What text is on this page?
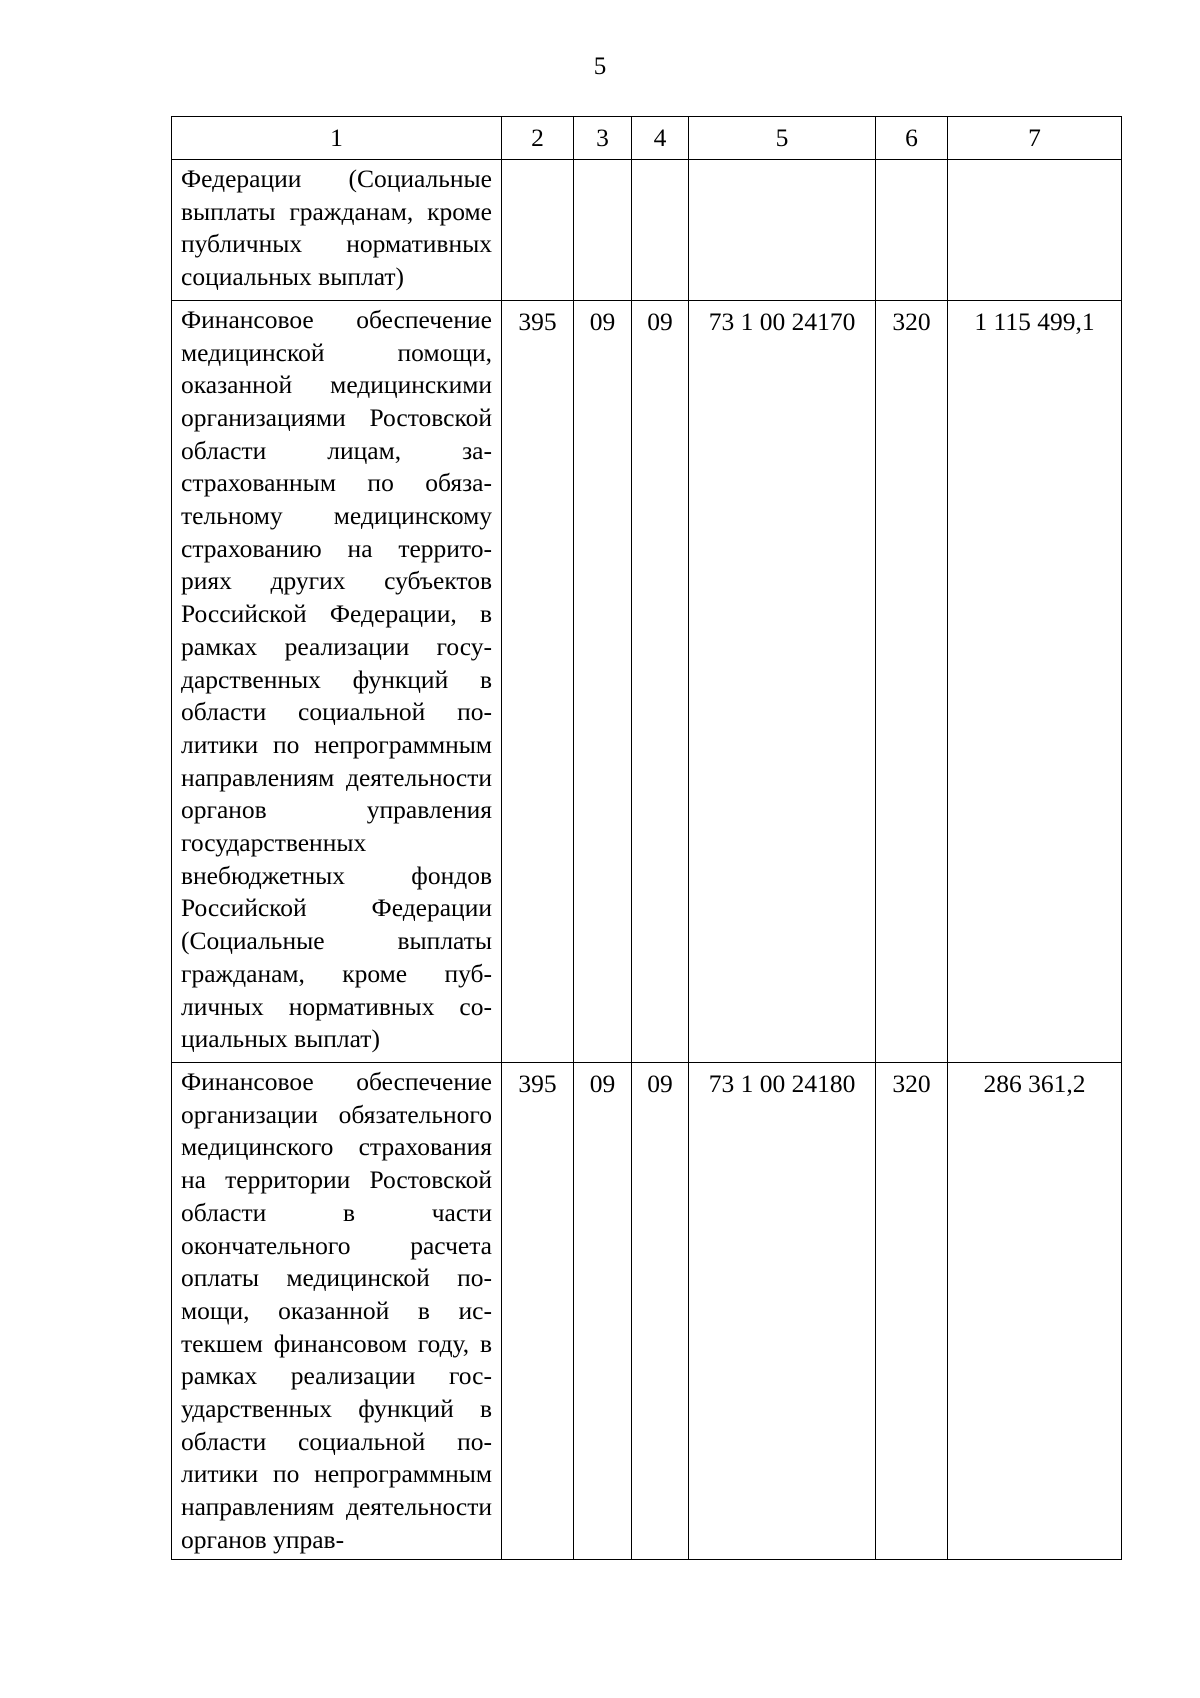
5
1	2	3	4	5	6	7
Федерации (Социальные выплаты гражданам, кроме публичных нормативных социальных выплат)						
Финансовое обеспечение медицинской помощи, оказанной медицинскими организациями Ростовской области лицам, застрахованным по обязательному медицинскому страхованию на территориях других субъектов Российской Федерации, в рамках реализации государственных функций в области социальной политики по непрограммным направлениям деятельности органов управления государственных внебюджетных фондов Российской Федерации (Социальные выплаты гражданам, кроме публичных нормативных социальных выплат)	395	09	09	73 1 00 24170	320	1 115 499,1
Финансовое обеспечение организации обязательного медицинского страхования на территории Ростовской области в части окончательного расчета оплаты медицинской помощи, оказанной в истекшем финансовом году, в рамках реализации государственных функций в области социальной политики по непрограммным направлениям деятельности органов управ-	395	09	09	73 1 00 24180	320	286 361,2
